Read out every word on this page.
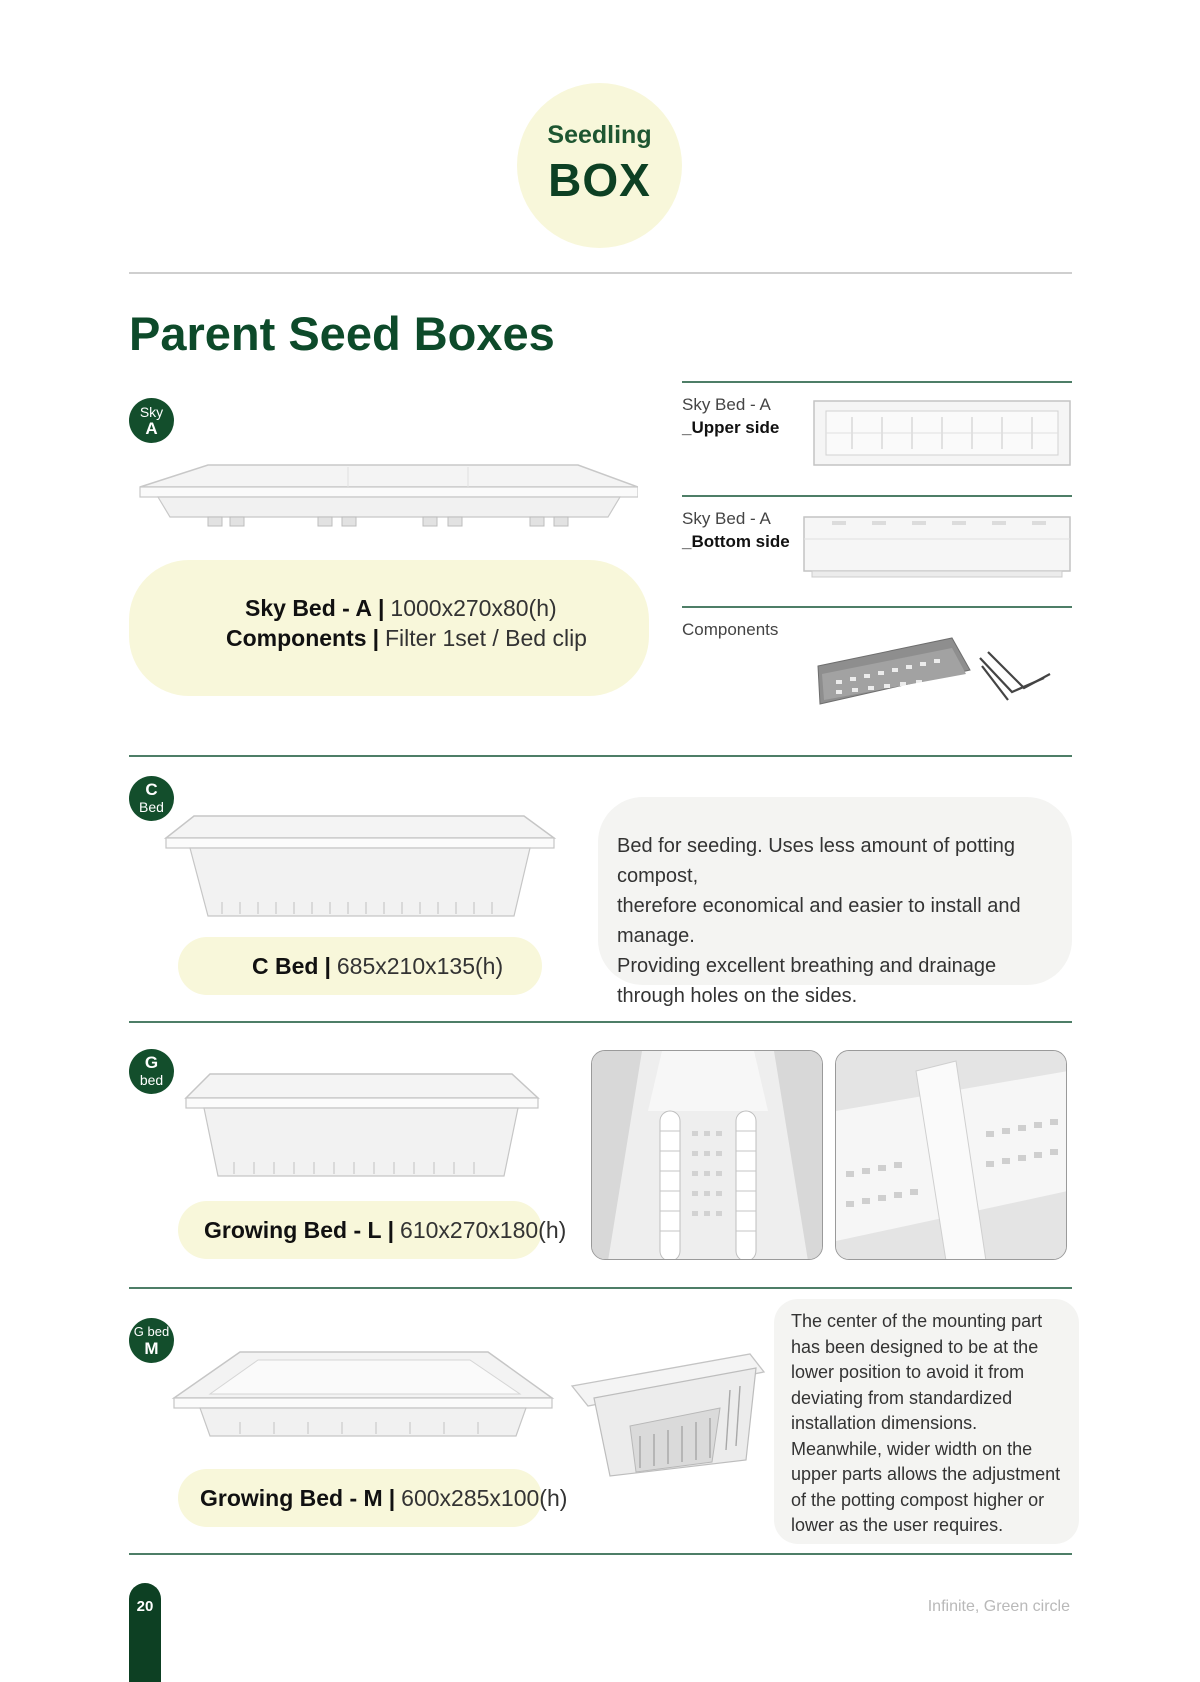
Seedling
BOX
Parent Seed Boxes
Sky
A
Sky Bed - A | 1000x270x80(h)
Components | Filter 1set / Bed clip
Sky Bed - A
_Upper side
Sky Bed - A
_Bottom side
Components
C
Bed
C Bed | 685x210x135(h)
Bed for seeding. Uses less amount of potting compost,
therefore economical and easier to install and manage.
Providing excellent breathing and drainage
through holes on the sides.
G
bed
Growing Bed - L | 610x270x180(h)
G bed
M
Growing Bed - M | 600x285x100(h)
The center of the mounting part
has been designed to be at the
lower position to avoid it from
deviating from standardized
installation dimensions.
Meanwhile, wider width on the
upper parts allows the adjustment
of the potting compost higher or
lower as the user requires.
20	Infinite, Green circle
